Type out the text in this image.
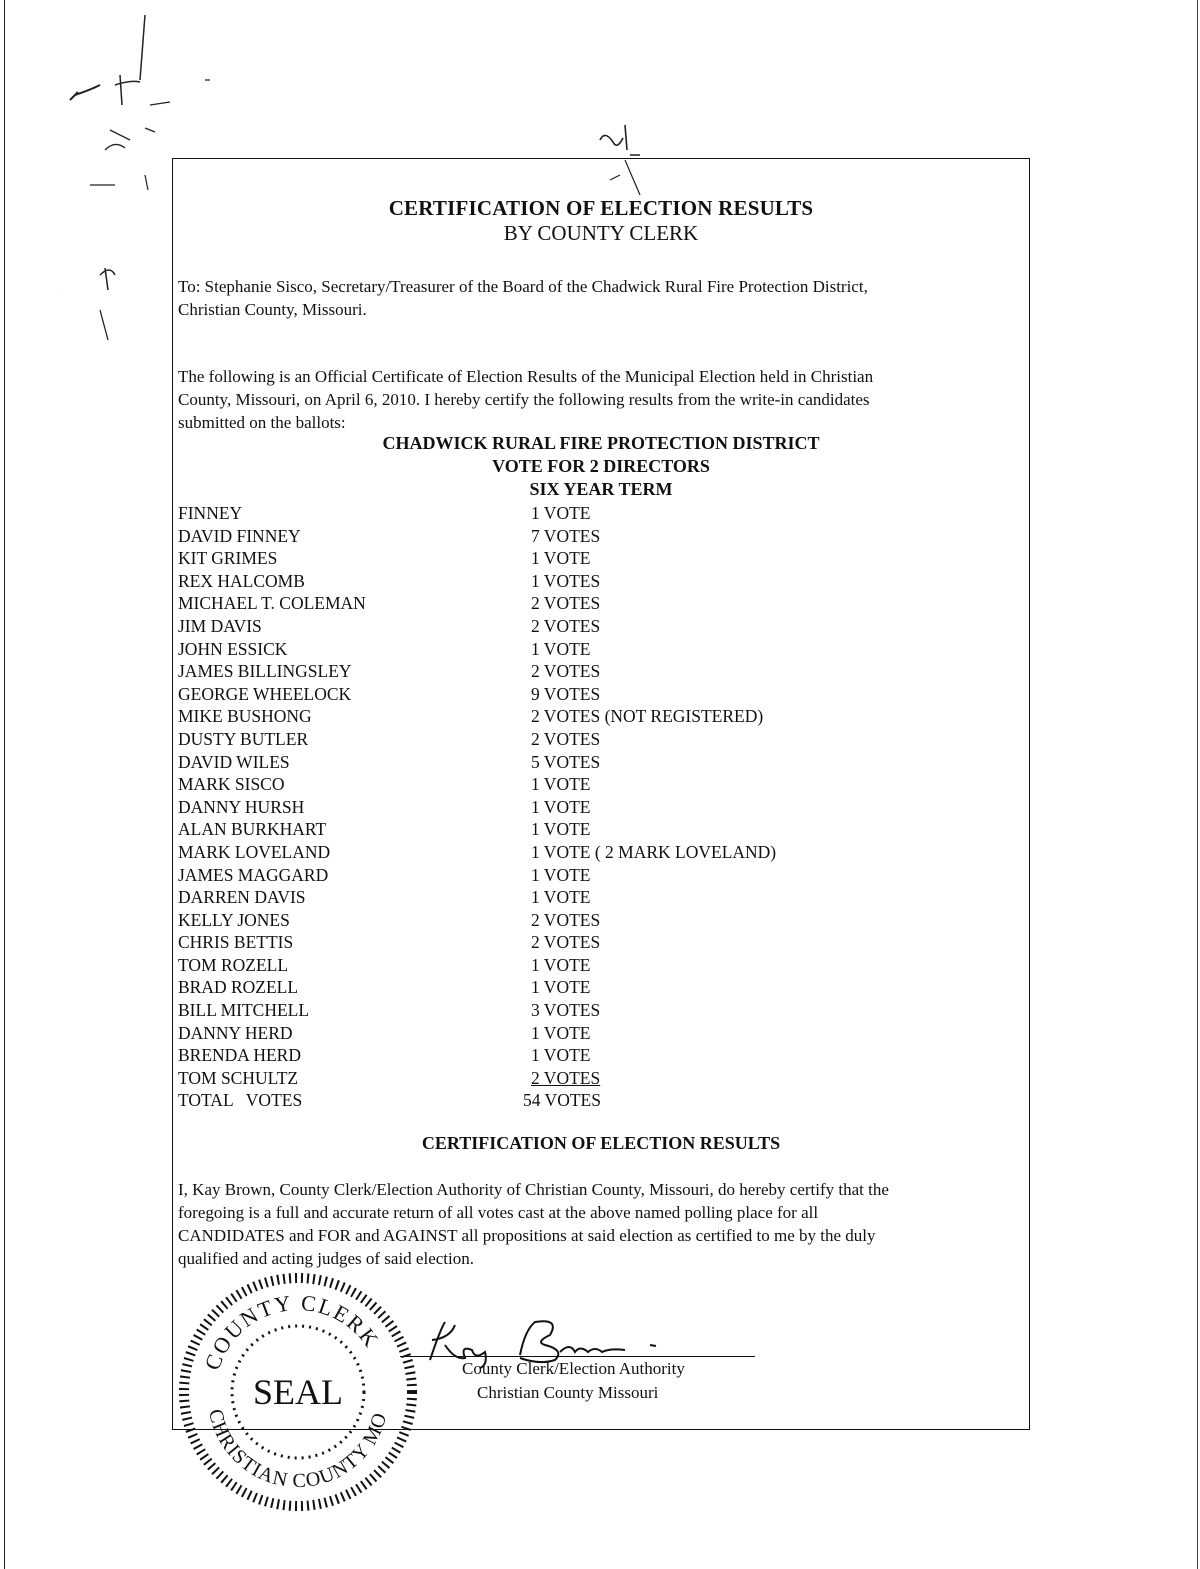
CERTIFICATION OF ELECTION RESULTS
BY COUNTY CLERK
To: Stephanie Sisco, Secretary/Treasurer of the Board of the Chadwick Rural Fire Protection District,
Christian County, Missouri.
The following is an Official Certificate of Election Results of the Municipal Election held in Christian
County, Missouri, on April 6, 2010. I hereby certify the following results from the write-in candidates
submitted on the ballots:
CHADWICK RURAL FIRE PROTECTION DISTRICT
VOTE FOR 2 DIRECTORS
SIX YEAR TERM
FINNEY	1 VOTE
DAVID FINNEY	7 VOTES
KIT GRIMES	1 VOTE
REX HALCOMB	1 VOTES
MICHAEL T. COLEMAN	2 VOTES
JIM DAVIS	2 VOTES
JOHN ESSICK	1 VOTE
JAMES BILLINGSLEY	2 VOTES
GEORGE WHEELOCK	9 VOTES
MIKE BUSHONG	2 VOTES (NOT REGISTERED)
DUSTY BUTLER	2 VOTES
DAVID WILES	5 VOTES
MARK SISCO	1 VOTE
DANNY HURSH	1 VOTE
ALAN BURKHART	1 VOTE
MARK LOVELAND	1 VOTE ( 2 MARK LOVELAND)
JAMES MAGGARD	1 VOTE
DARREN DAVIS	1 VOTE
KELLY JONES	2 VOTES
CHRIS BETTIS	2 VOTES
TOM ROZELL	1 VOTE
BRAD ROZELL	1 VOTE
BILL MITCHELL	3 VOTES
DANNY HERD	1 VOTE
BRENDA HERD	1 VOTE
TOM SCHULTZ	2 VOTES
TOTAL   VOTES	54 VOTES
CERTIFICATION OF ELECTION RESULTS
I, Kay Brown, County Clerk/Election Authority of Christian County, Missouri, do hereby certify that the
foregoing is a full and accurate return of all votes cast at the above named polling place for all
CANDIDATES and FOR and AGAINST all propositions at said election as certified to me by the duly
qualified and acting judges of said election.
County Clerk/Election Authority
Christian County Missouri
COUNTY CLERK
CHRISTIAN COUNTY MO
SEAL
